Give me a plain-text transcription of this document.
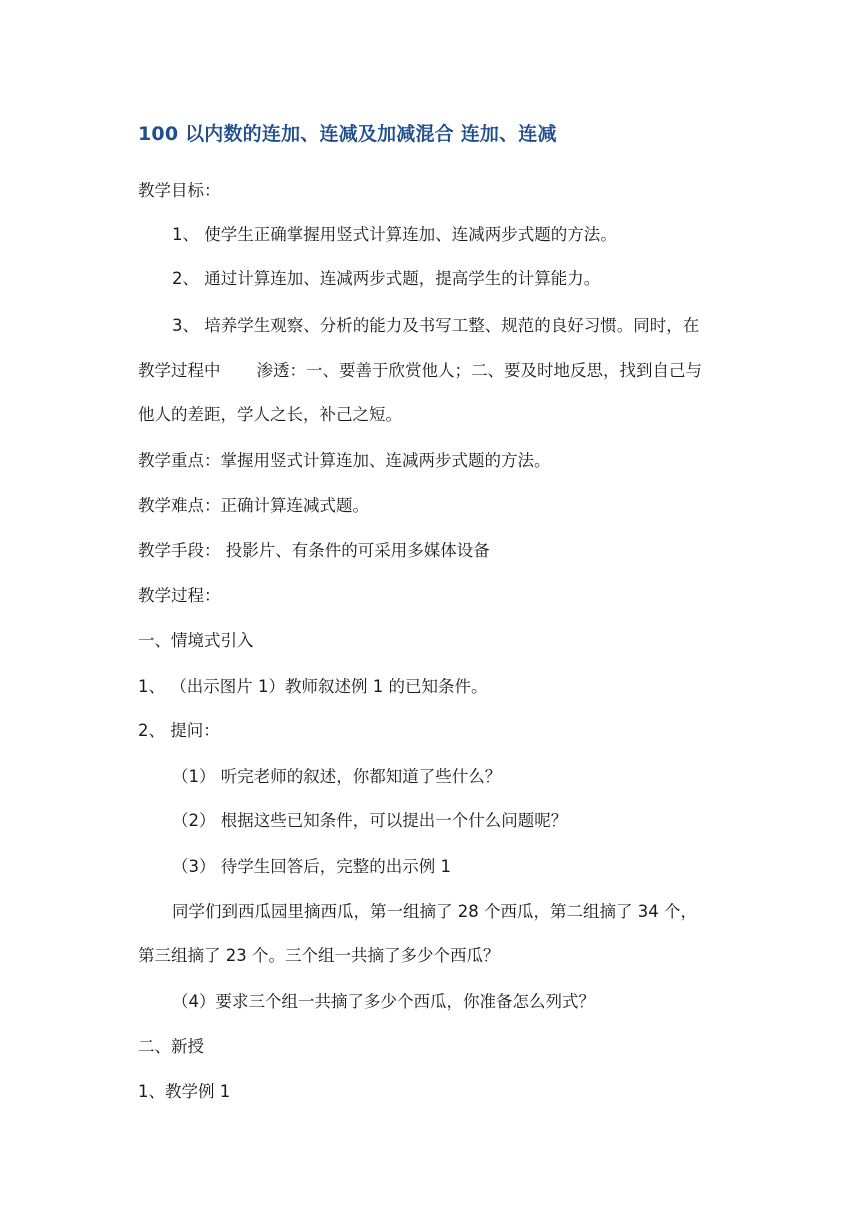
100 以内数的连加、连减及加减混合 连加、连减
教学目标：
1、 使学生正确掌握用竖式计算连加、连减两步式题的方法。
2、 通过计算连加、连减两步式题，提高学生的计算能力。
3、 培养学生观察、分析的能力及书写工整、规范的良好习惯。同时，在
教学过程中 渗透：一、要善于欣赏他人；二、要及时地反思，找到自己与
他人的差距，学人之长，补己之短。
教学重点：掌握用竖式计算连加、连减两步式题的方法。
教学难点：正确计算连减式题。
教学手段： 投影片、有条件的可采用多媒体设备
教学过程：
一、情境式引入
1、 （出示图片 1）教师叙述例 1 的已知条件。
2、 提问：
（1） 听完老师的叙述，你都知道了些什么？
（2） 根据这些已知条件，可以提出一个什么问题呢？
（3） 待学生回答后，完整的出示例 1
同学们到西瓜园里摘西瓜，第一组摘了 28 个西瓜，第二组摘了 34 个，
第三组摘了 23 个。三个组一共摘了多少个西瓜？
（4）要求三个组一共摘了多少个西瓜，你准备怎么列式？
二、新授
1、教学例 1
